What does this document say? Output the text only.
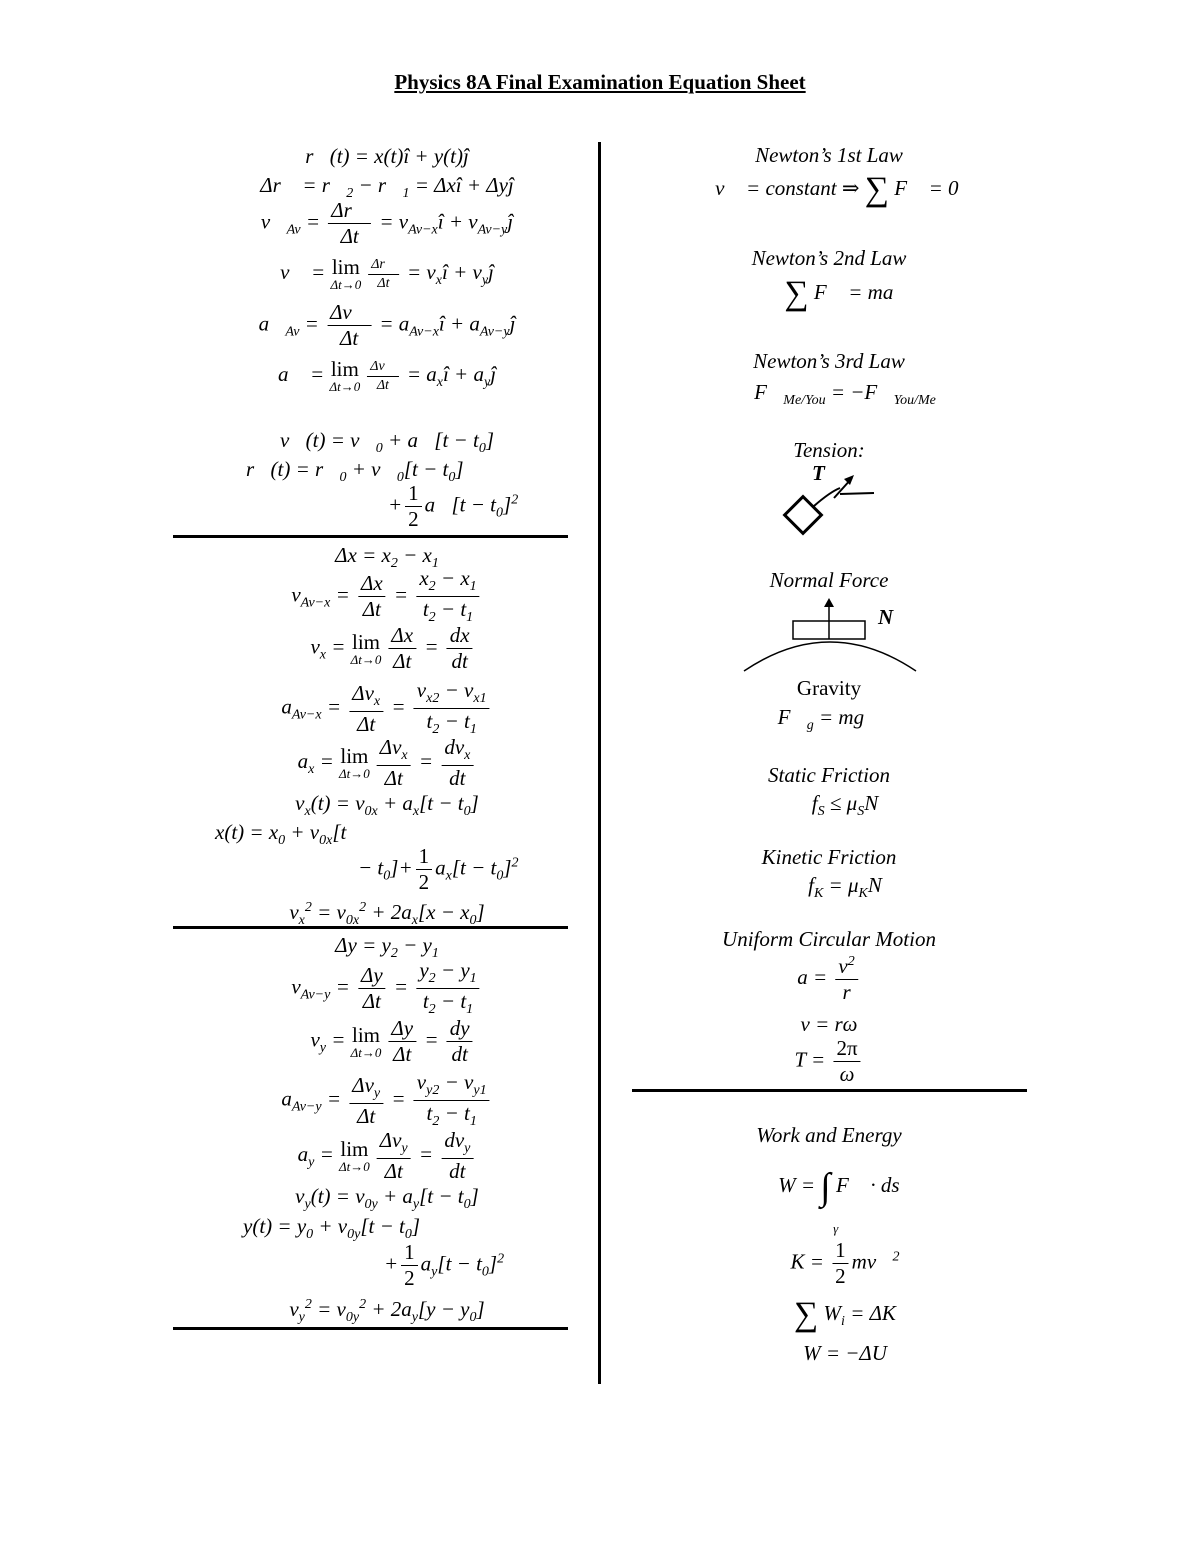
Physics 8A Final Examination Equation Sheet
r⃗(t) = x(t)î + y(t)ĵ
Δr⃗ = $r⃗_2$ − $r⃗_1$ = Δxî + Δyĵ
$v⃗_{Av} = \frac{\Delta r⃗}{\Delta t}$ = $v_{Av-x}î$ + $v_{Av-y}ĵ$
v⃗ = lim
$\Delta t\to 0 \frac{\Delta r⃗}{\Delta t}$ = $v_xî$ + $v_yĵ$
$a⃗_{Av} = \frac{\Delta v⃗}{\Delta t}$ = $a_{Av-x}î$ + $a_{Av-y}ĵ$
a⃗ = lim
$\Delta t\to 0 \frac{\Delta v⃗}{\Delta t}$ = $a_xî$ + $a_yĵ$
v⃗(t) = $v⃗_0$ + a⃗[t − $t_0$]
r⃗(t) = $r⃗_0$ + $v⃗_0[t - t_0]$
+ $\frac{1}{2}$ a⃗[t − $t_0]^2$
$\Delta x = x_2 - x_1$
$v_{Av-x} = \frac{\Delta x}{\Delta t} = \frac{x_2 - x_1}{t_2 - t_1}$
$v_x = \lim$
$\Delta t\to 0 \frac{\Delta x}{\Delta t} = \frac{dx}{dt}$
$a_{Av-x} = \frac{\Delta v_x}{\Delta t} = \frac{v_{x2} - v_{x1}}{t_2 - t_1}$
$a_x = \lim$
$\Delta t\to 0 \frac{\Delta v_x}{\Delta t} = \frac{dv_x}{dt}$
$v_x(t) = v_{0x} + a_x[t - t_0]$
$x(t) = x_0 + v_{0x}[t$
− $t_0]+ \frac{1}{2} a_x[t - t_0]^2$
$v_x^2 = v_{0x}^2 + 2a_x[x - x_0]$
$\Delta y = y_2 - y_1$
$v_{Av-y} = \frac{\Delta y}{\Delta t} = \frac{y_2 - y_1}{t_2 - t_1}$
$v_y = \lim$
$\Delta t\to 0 \frac{\Delta y}{\Delta t} = \frac{dy}{dt}$
$a_{Av-y} = \frac{\Delta v_y}{\Delta t} = \frac{v_{y2} - v_{y1}}{t_2 - t_1}$
$a_y = \lim$
$\Delta t\to 0 \frac{\Delta v_y}{\Delta t} = \frac{dv_y}{dt}$
$v_y(t) = v_{0y} + a_y[t - t_0]$
$y(t) = y_0 + v_{0y}[t - t_0]$
+ $\frac{1}{2} a_y[t - t_0]^2$
$v_y^2 = v_{0y}^2 + 2a_y[y - y_0]$
Newton’s 1st Law
v⃗ = constant ⇒ ∑ F⃗ = 0⃗
Newton’s 2nd Law
∑ F⃗ = ma⃗
Newton’s 3rd Law
$F⃗_{Me/You}$ = $-F⃗_{You/Me}$
Tension:
T
Normal Force
N
Gravity
$F⃗_g$ = mg⃗
Static Friction
$f_S \le \mu_SN$
Kinetic Friction
$f_K = \mu_KN$
Uniform Circular Motion
$a = \frac{v^2}{r}$
v = rω
$T = \frac{2\pi}{\omega}$
Work and Energy
W = ∫ F⃗ · ds⃗
γ
$K = \frac{1}{2}$ mv⃗$^2$
∑ $W_i = \Delta K$
W = −ΔU
